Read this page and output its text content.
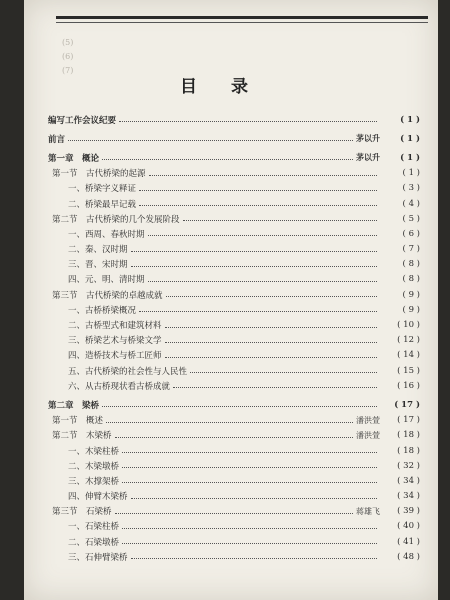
(5)
(6)
(7)
目录
编写工作会议纪要	( 1 )
前言	茅以升	( 1 )
第一章　概论	茅以升	( 1 )
第一节　古代桥梁的起源	( 1 )
一、桥梁字义释证	( 3 )
二、桥梁最早记载	( 4 )
第二节　古代桥梁的几个发展阶段	( 5 )
一、西周、春秋时期	( 6 )
二、秦、汉时期	( 7 )
三、晋、宋时期	( 8 )
四、元、明、清时期	( 8 )
第三节　古代桥梁的卓越成就	( 9 )
一、古桥桥梁概况	( 9 )
二、古桥型式和建筑材料	( 10 )
三、桥梁艺术与桥梁文学	( 12 )
四、造桥技术与桥工匠师	( 14 )
五、古代桥梁的社会性与人民性	( 15 )
六、从古桥现状看古桥成就	( 16 )
第二章　梁桥	( 17 )
第一节　概述	潘洪萱	( 17 )
第二节　木梁桥	潘洪萱	( 18 )
一、木梁柱桥	( 18 )
二、木梁墩桥	( 32 )
三、木撑架桥	( 34 )
四、伸臂木梁桥	( 34 )
第三节　石梁桥	蒋雄飞	( 39 )
一、石梁柱桥	( 40 )
二、石梁墩桥	( 41 )
三、石伸臂梁桥	( 48 )
